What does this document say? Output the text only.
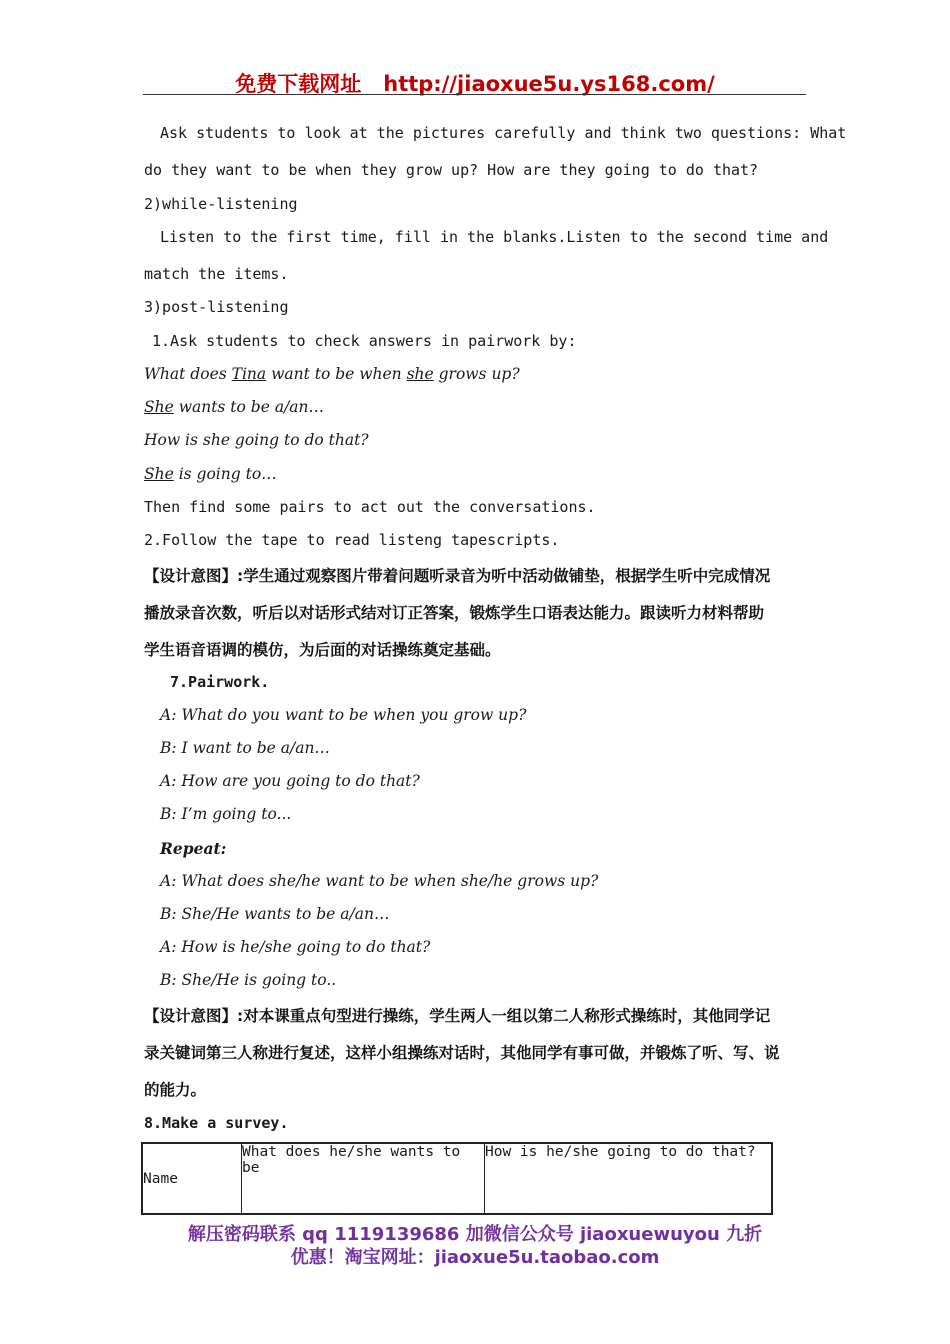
免费下载网址 http://jiaoxue5u.ys168.com/
Ask students to look at the pictures carefully and think two questions: What
do they want to be when they grow up? How are they going to do that?
2)while-listening
Listen to the first time, fill in the blanks.Listen to the second time and
match the items.
3)post-listening
1.Ask students to check answers in pairwork by:
What does Tina want to be when she grows up?
She wants to be a/an…
How is she going to do that?
She is going to…
Then find some pairs to act out the conversations.
2.Follow the tape to read listeng tapescripts.
【设计意图】:学生通过观察图片带着问题听录音为听中活动做铺垫，根据学生听中完成情况
播放录音次数，听后以对话形式结对订正答案，锻炼学生口语表达能力。跟读听力材料帮助
学生语音语调的模仿，为后面的对话操练奠定基础。
7.Pairwork.
A: What do you want to be when you grow up?
B: I want to be a/an…
A: How are you going to do that?
B: I’m going to...
Repeat:
A: What does she/he want to be when she/he grows up?
B: She/He wants to be a/an…
A: How is he/she going to do that?
B: She/He is going to..
【设计意图】:对本课重点句型进行操练，学生两人一组以第二人称形式操练时，其他同学记
录关键词第三人称进行复述，这样小组操练对话时，其他同学有事可做，并锻炼了听、写、说
的能力。
8.Make a survey.
Name	What does he/she wants to be	How is he/she going to do that?
解压密码联系 qq 1119139686 加微信公众号 jiaoxuewuyou 九折
优惠！淘宝网址：jiaoxue5u.taobao.com
